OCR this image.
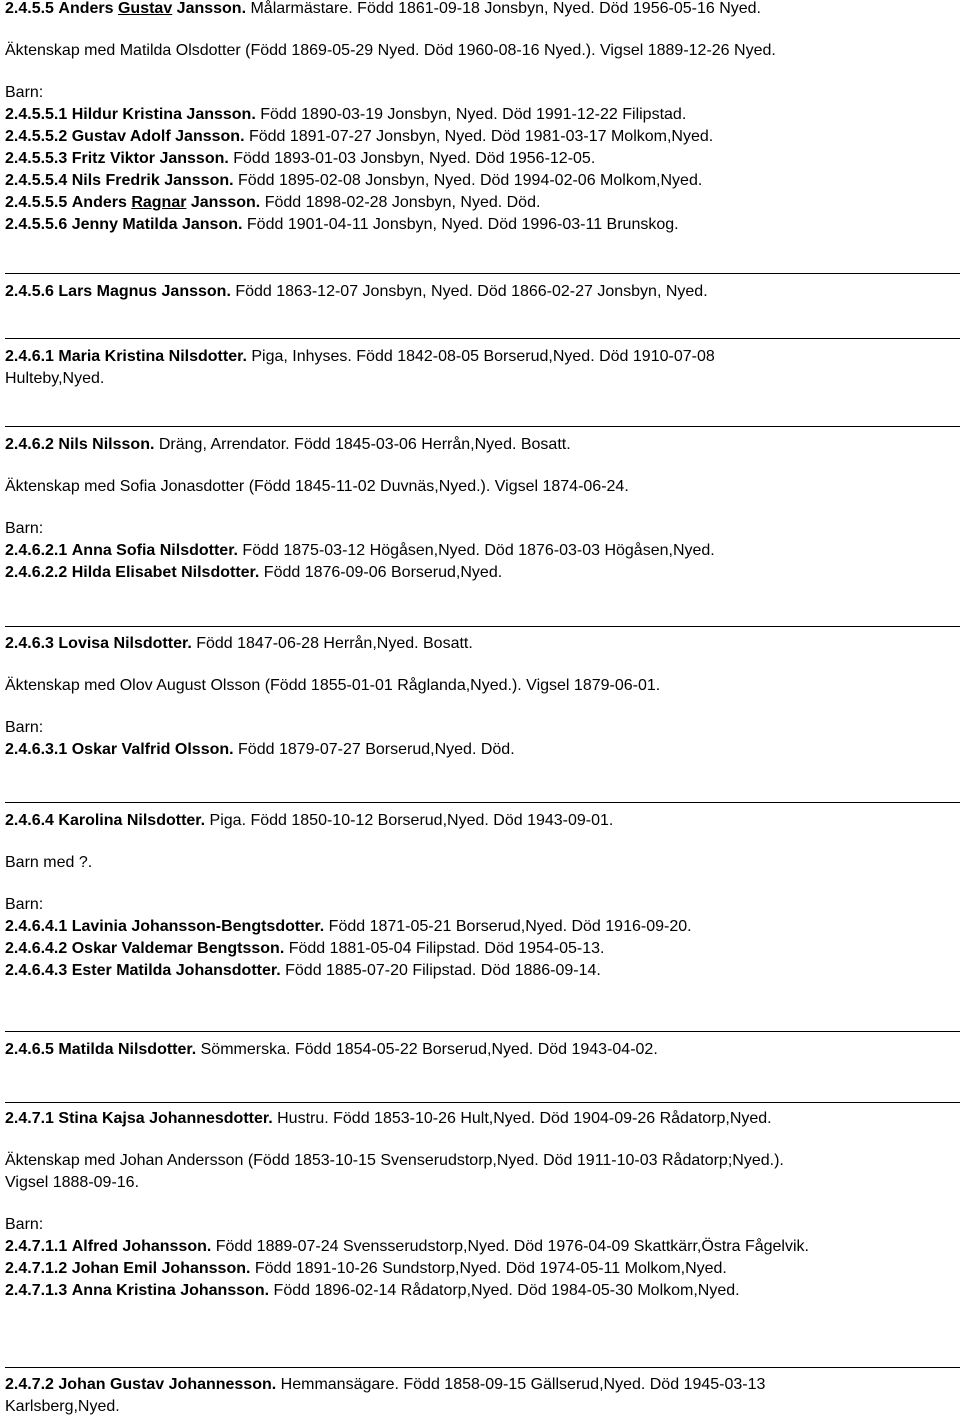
2.4.5.5 Anders Gustav Jansson. Målarmästare. Född 1861-09-18 Jonsbyn, Nyed. Död 1956-05-16 Nyed.
Äktenskap med Matilda Olsdotter (Född 1869-05-29 Nyed. Död 1960-08-16 Nyed.). Vigsel 1889-12-26 Nyed.
Barn:
2.4.5.5.1 Hildur Kristina Jansson. Född 1890-03-19 Jonsbyn, Nyed. Död 1991-12-22 Filipstad.
2.4.5.5.2 Gustav Adolf Jansson. Född 1891-07-27 Jonsbyn, Nyed. Död 1981-03-17 Molkom,Nyed.
2.4.5.5.3 Fritz Viktor Jansson. Född 1893-01-03 Jonsbyn, Nyed. Död 1956-12-05.
2.4.5.5.4 Nils Fredrik Jansson. Född 1895-02-08 Jonsbyn, Nyed. Död 1994-02-06 Molkom,Nyed.
2.4.5.5.5 Anders Ragnar Jansson. Född 1898-02-28 Jonsbyn, Nyed. Död.
2.4.5.5.6 Jenny Matilda Janson. Född 1901-04-11 Jonsbyn, Nyed. Död 1996-03-11 Brunskog.
2.4.5.6 Lars Magnus Jansson. Född 1863-12-07 Jonsbyn, Nyed. Död 1866-02-27 Jonsbyn, Nyed.
2.4.6.1 Maria Kristina Nilsdotter. Piga, Inhyses. Född 1842-08-05 Borserud,Nyed. Död 1910-07-08
Hulteby,Nyed.
2.4.6.2 Nils Nilsson. Dräng, Arrendator. Född 1845-03-06 Herrån,Nyed. Bosatt.
Äktenskap med Sofia Jonasdotter (Född 1845-11-02 Duvnäs,Nyed.). Vigsel 1874-06-24.
Barn:
2.4.6.2.1 Anna Sofia Nilsdotter. Född 1875-03-12 Högåsen,Nyed. Död 1876-03-03 Högåsen,Nyed.
2.4.6.2.2 Hilda Elisabet Nilsdotter. Född 1876-09-06 Borserud,Nyed.
2.4.6.3 Lovisa Nilsdotter. Född 1847-06-28 Herrån,Nyed. Bosatt.
Äktenskap med Olov August Olsson (Född 1855-01-01 Råglanda,Nyed.). Vigsel 1879-06-01.
Barn:
2.4.6.3.1 Oskar Valfrid Olsson. Född 1879-07-27 Borserud,Nyed. Död.
2.4.6.4 Karolina Nilsdotter. Piga. Född 1850-10-12 Borserud,Nyed. Död 1943-09-01.
Barn med ?.
Barn:
2.4.6.4.1 Lavinia Johansson-Bengtsdotter. Född 1871-05-21 Borserud,Nyed. Död 1916-09-20.
2.4.6.4.2 Oskar Valdemar Bengtsson. Född 1881-05-04 Filipstad. Död 1954-05-13.
2.4.6.4.3 Ester Matilda Johansdotter. Född 1885-07-20 Filipstad. Död 1886-09-14.
2.4.6.5 Matilda Nilsdotter. Sömmerska. Född 1854-05-22 Borserud,Nyed. Död 1943-04-02.
2.4.7.1 Stina Kajsa Johannesdotter. Hustru. Född 1853-10-26 Hult,Nyed. Död 1904-09-26 Rådatorp,Nyed.
Äktenskap med Johan Andersson (Född 1853-10-15 Svenserudstorp,Nyed. Död 1911-10-03 Rådatorp;Nyed.).
Vigsel 1888-09-16.
Barn:
2.4.7.1.1 Alfred Johansson. Född 1889-07-24 Svensserudstorp,Nyed. Död 1976-04-09 Skattkärr,Östra Fågelvik.
2.4.7.1.2 Johan Emil Johansson. Född 1891-10-26 Sundstorp,Nyed. Död 1974-05-11 Molkom,Nyed.
2.4.7.1.3 Anna Kristina Johansson. Född 1896-02-14 Rådatorp,Nyed. Död 1984-05-30 Molkom,Nyed.
2.4.7.2 Johan Gustav Johannesson. Hemmansägare. Född 1858-09-15 Gällserud,Nyed. Död 1945-03-13
Karlsberg,Nyed.
